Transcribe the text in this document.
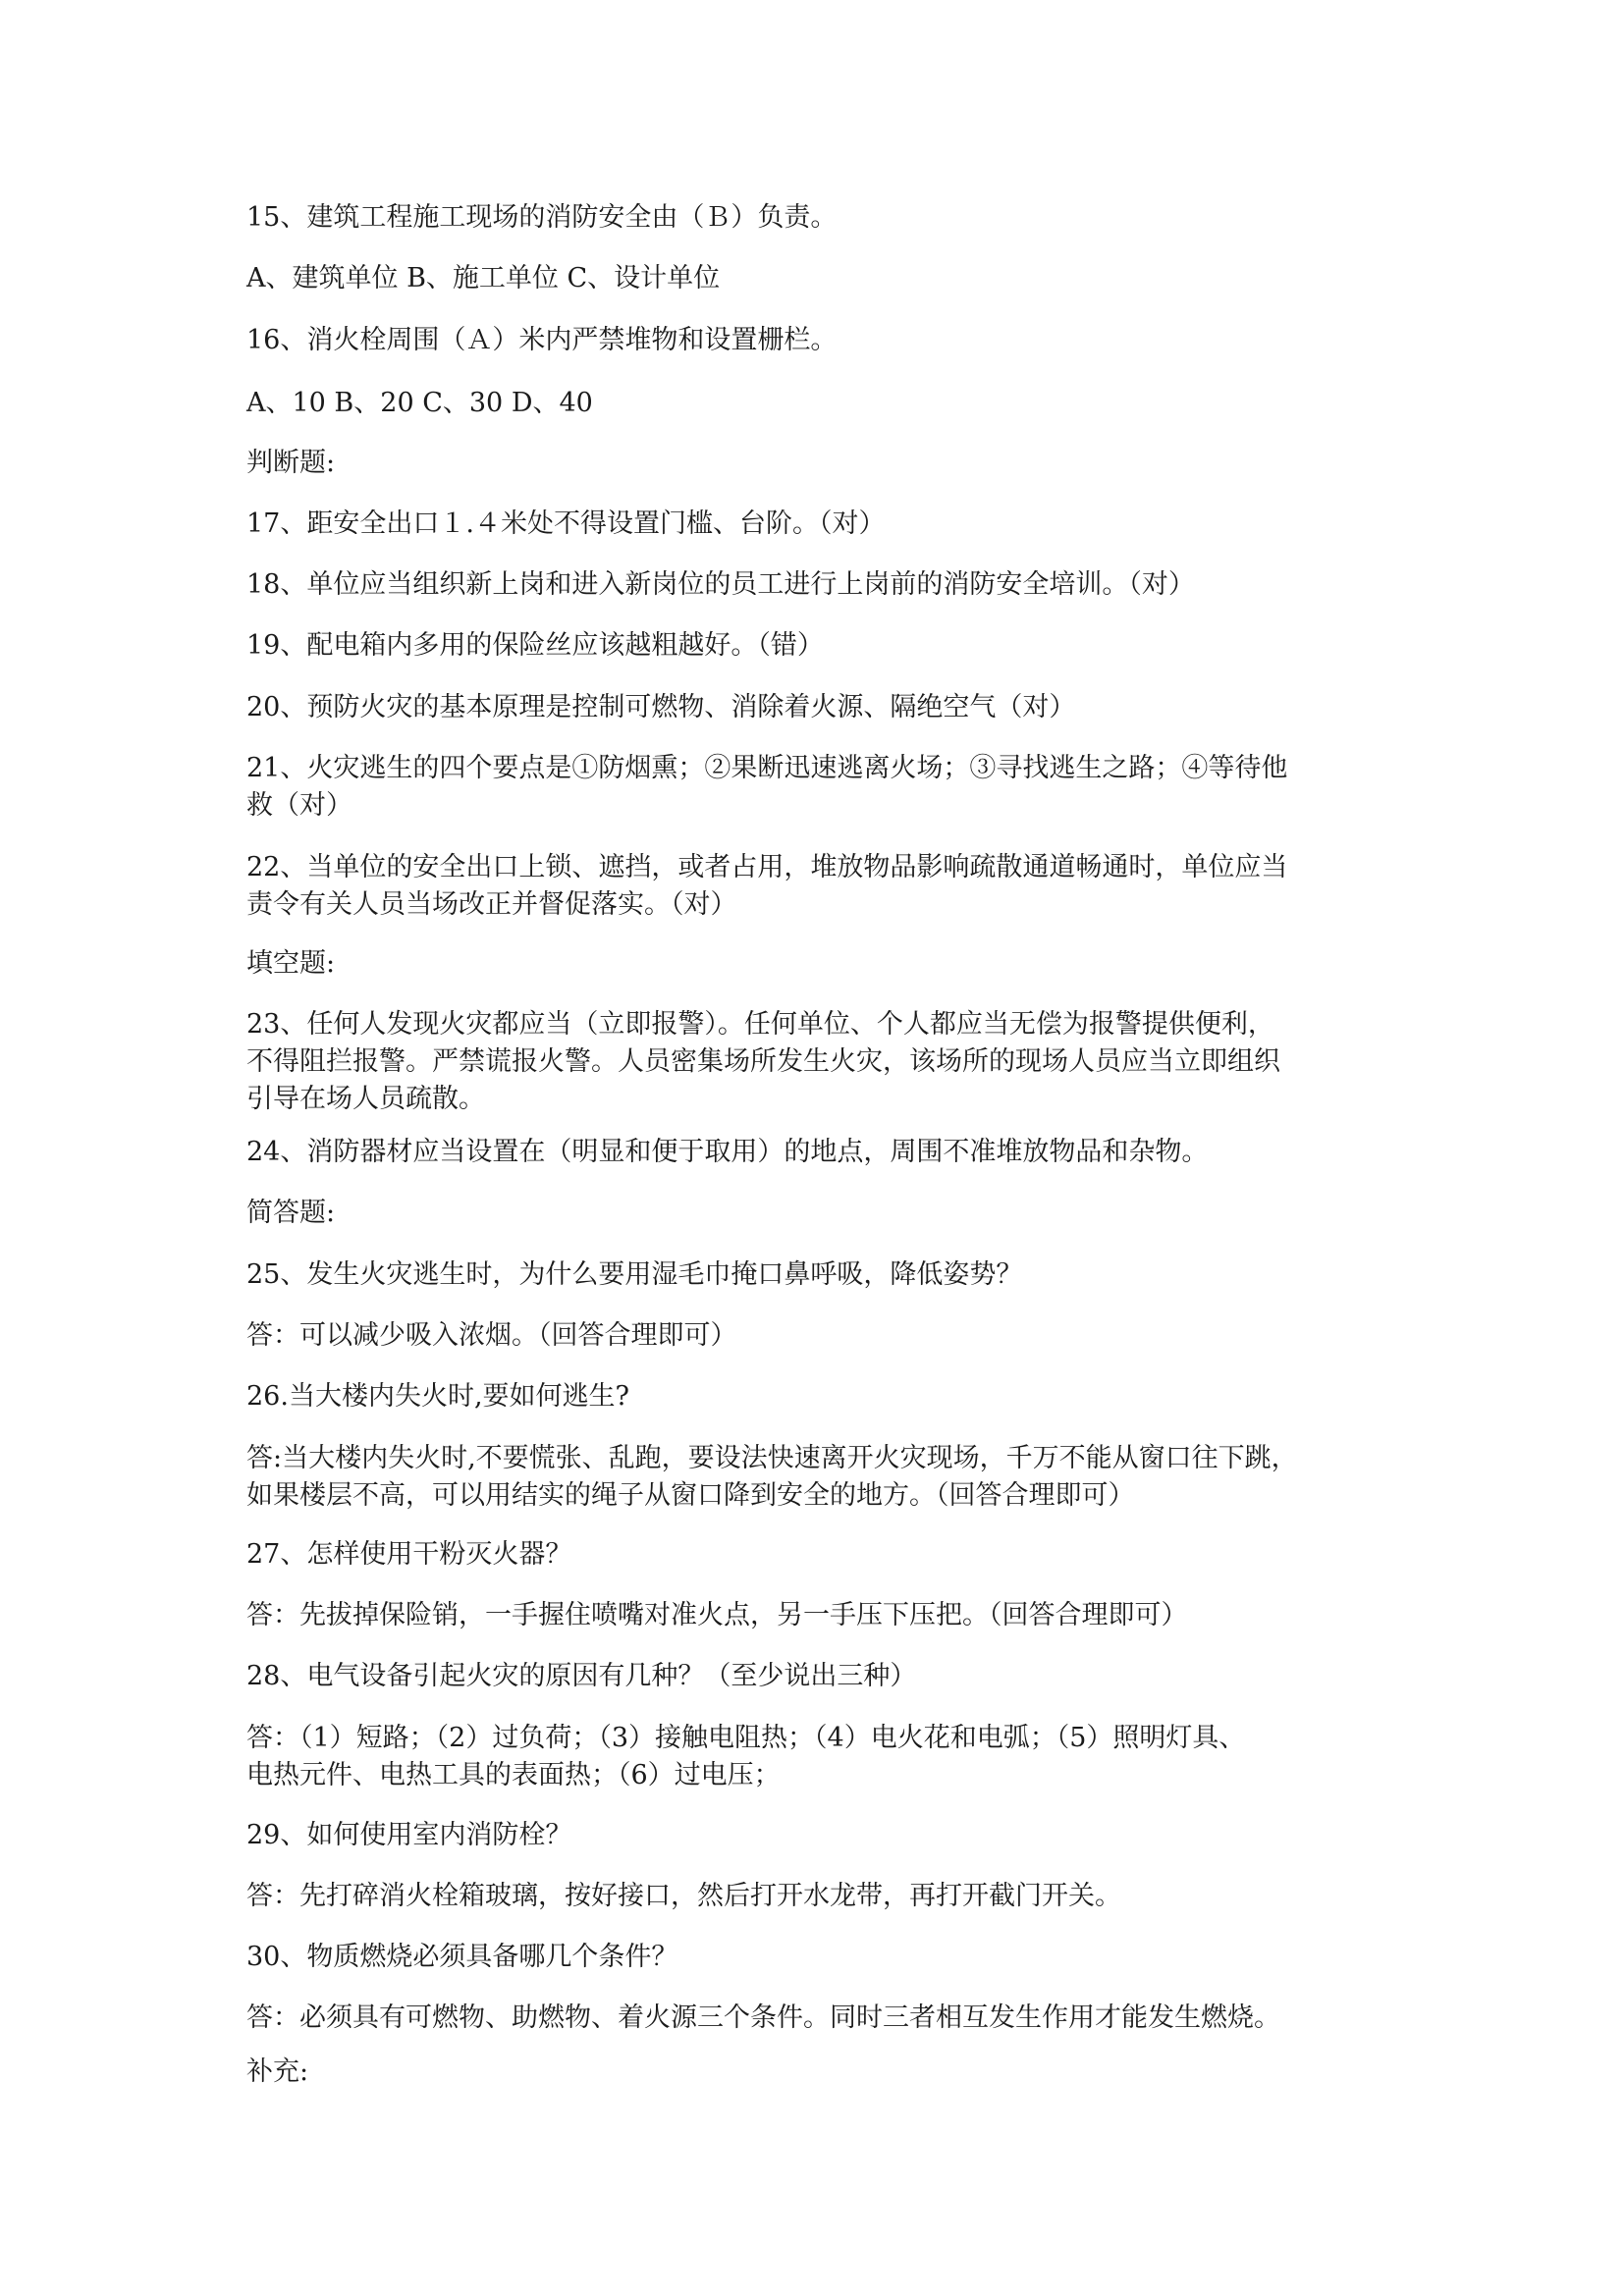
15、建筑工程施工现场的消防安全由（Ｂ）负责。
A、建筑单位 B、施工单位 C、设计单位
16、消火栓周围（Ａ）米内严禁堆物和设置栅栏。
A、10 B、20 C、30 D、40
判断题:
17、距安全出口１.４米处不得设置门槛、台阶。（对）
18、单位应当组织新上岗和进入新岗位的员工进行上岗前的消防安全培训。（对）
19、配电箱内多用的保险丝应该越粗越好。（错）
20、预防火灾的基本原理是控制可燃物、消除着火源、隔绝空气（对）
21、火灾逃生的四个要点是①防烟熏；②果断迅速逃离火场；③寻找逃生之路；④等待他
救（对）
22、当单位的安全出口上锁、遮挡，或者占用，堆放物品影响疏散通道畅通时，单位应当
责令有关人员当场改正并督促落实。（对）
填空题:
23、任何人发现火灾都应当（立即报警）。任何单位、个人都应当无偿为报警提供便利，
不得阻拦报警。严禁谎报火警。人员密集场所发生火灾，该场所的现场人员应当立即组织
引导在场人员疏散。
24、消防器材应当设置在（明显和便于取用）的地点，周围不准堆放物品和杂物。
简答题:
25、发生火灾逃生时，为什么要用湿毛巾掩口鼻呼吸，降低姿势？
答：可以减少吸入浓烟。（回答合理即可）
26.当大楼内失火时,要如何逃生?
答:当大楼内失火时,不要慌张、乱跑，要设法快速离开火灾现场，千万不能从窗口往下跳，
如果楼层不高，可以用结实的绳子从窗口降到安全的地方。（回答合理即可）
27、怎样使用干粉灭火器？
答：先拔掉保险销，一手握住喷嘴对准火点，另一手压下压把。（回答合理即可）
28、电气设备引起火灾的原因有几种？（至少说出三种）
答：（1）短路；（2）过负荷；（3）接触电阻热；（4）电火花和电弧；（5）照明灯具、
电热元件、电热工具的表面热；（6）过电压；
29、如何使用室内消防栓？
答：先打碎消火栓箱玻璃，按好接口，然后打开水龙带，再打开截门开关。
30、物质燃烧必须具备哪几个条件？
答：必须具有可燃物、助燃物、着火源三个条件。同时三者相互发生作用才能发生燃烧。
补充:
